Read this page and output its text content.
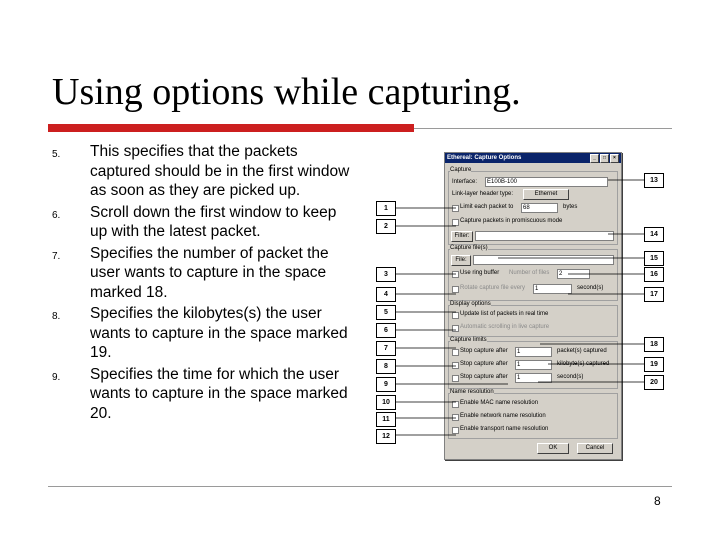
Using options while capturing.
5.	This specifies that the packets captured should be in the first window as soon as they are picked up.
6.	Scroll down the first window to keep up with the latest packet.
7.	Specifies the number of packet the user wants to capture in the space marked 18.
8.	Specifies the kilobytes(s) the user wants to capture in the space marked 19.
9.	Specifies the time for which the user wants to capture in the space marked 20.
Ethereal: Capture Options	_	□	×
Capture
Interface:	E100B-100
Link-layer header type:	Ethernet
Limit each packet to	68	bytes
Capture packets in promiscuous mode
Filter:
Capture file(s)
File:
Use ring buffer Number of files	2
Rotate capture file every	1	second(s)
Display options
Update list of packets in real time
Automatic scrolling in live capture
Capture limits
Stop capture after	1	packet(s) captured
Stop capture after	1	kilobyte(s) captured
Stop capture after	1	second(s)
Name resolution
Enable MAC name resolution
Enable network name resolution
Enable transport name resolution
OK	Cancel
1
2
3
4
5
6
7
8
9
10
11
12
13
14
15
16
17
18
19
20
8
